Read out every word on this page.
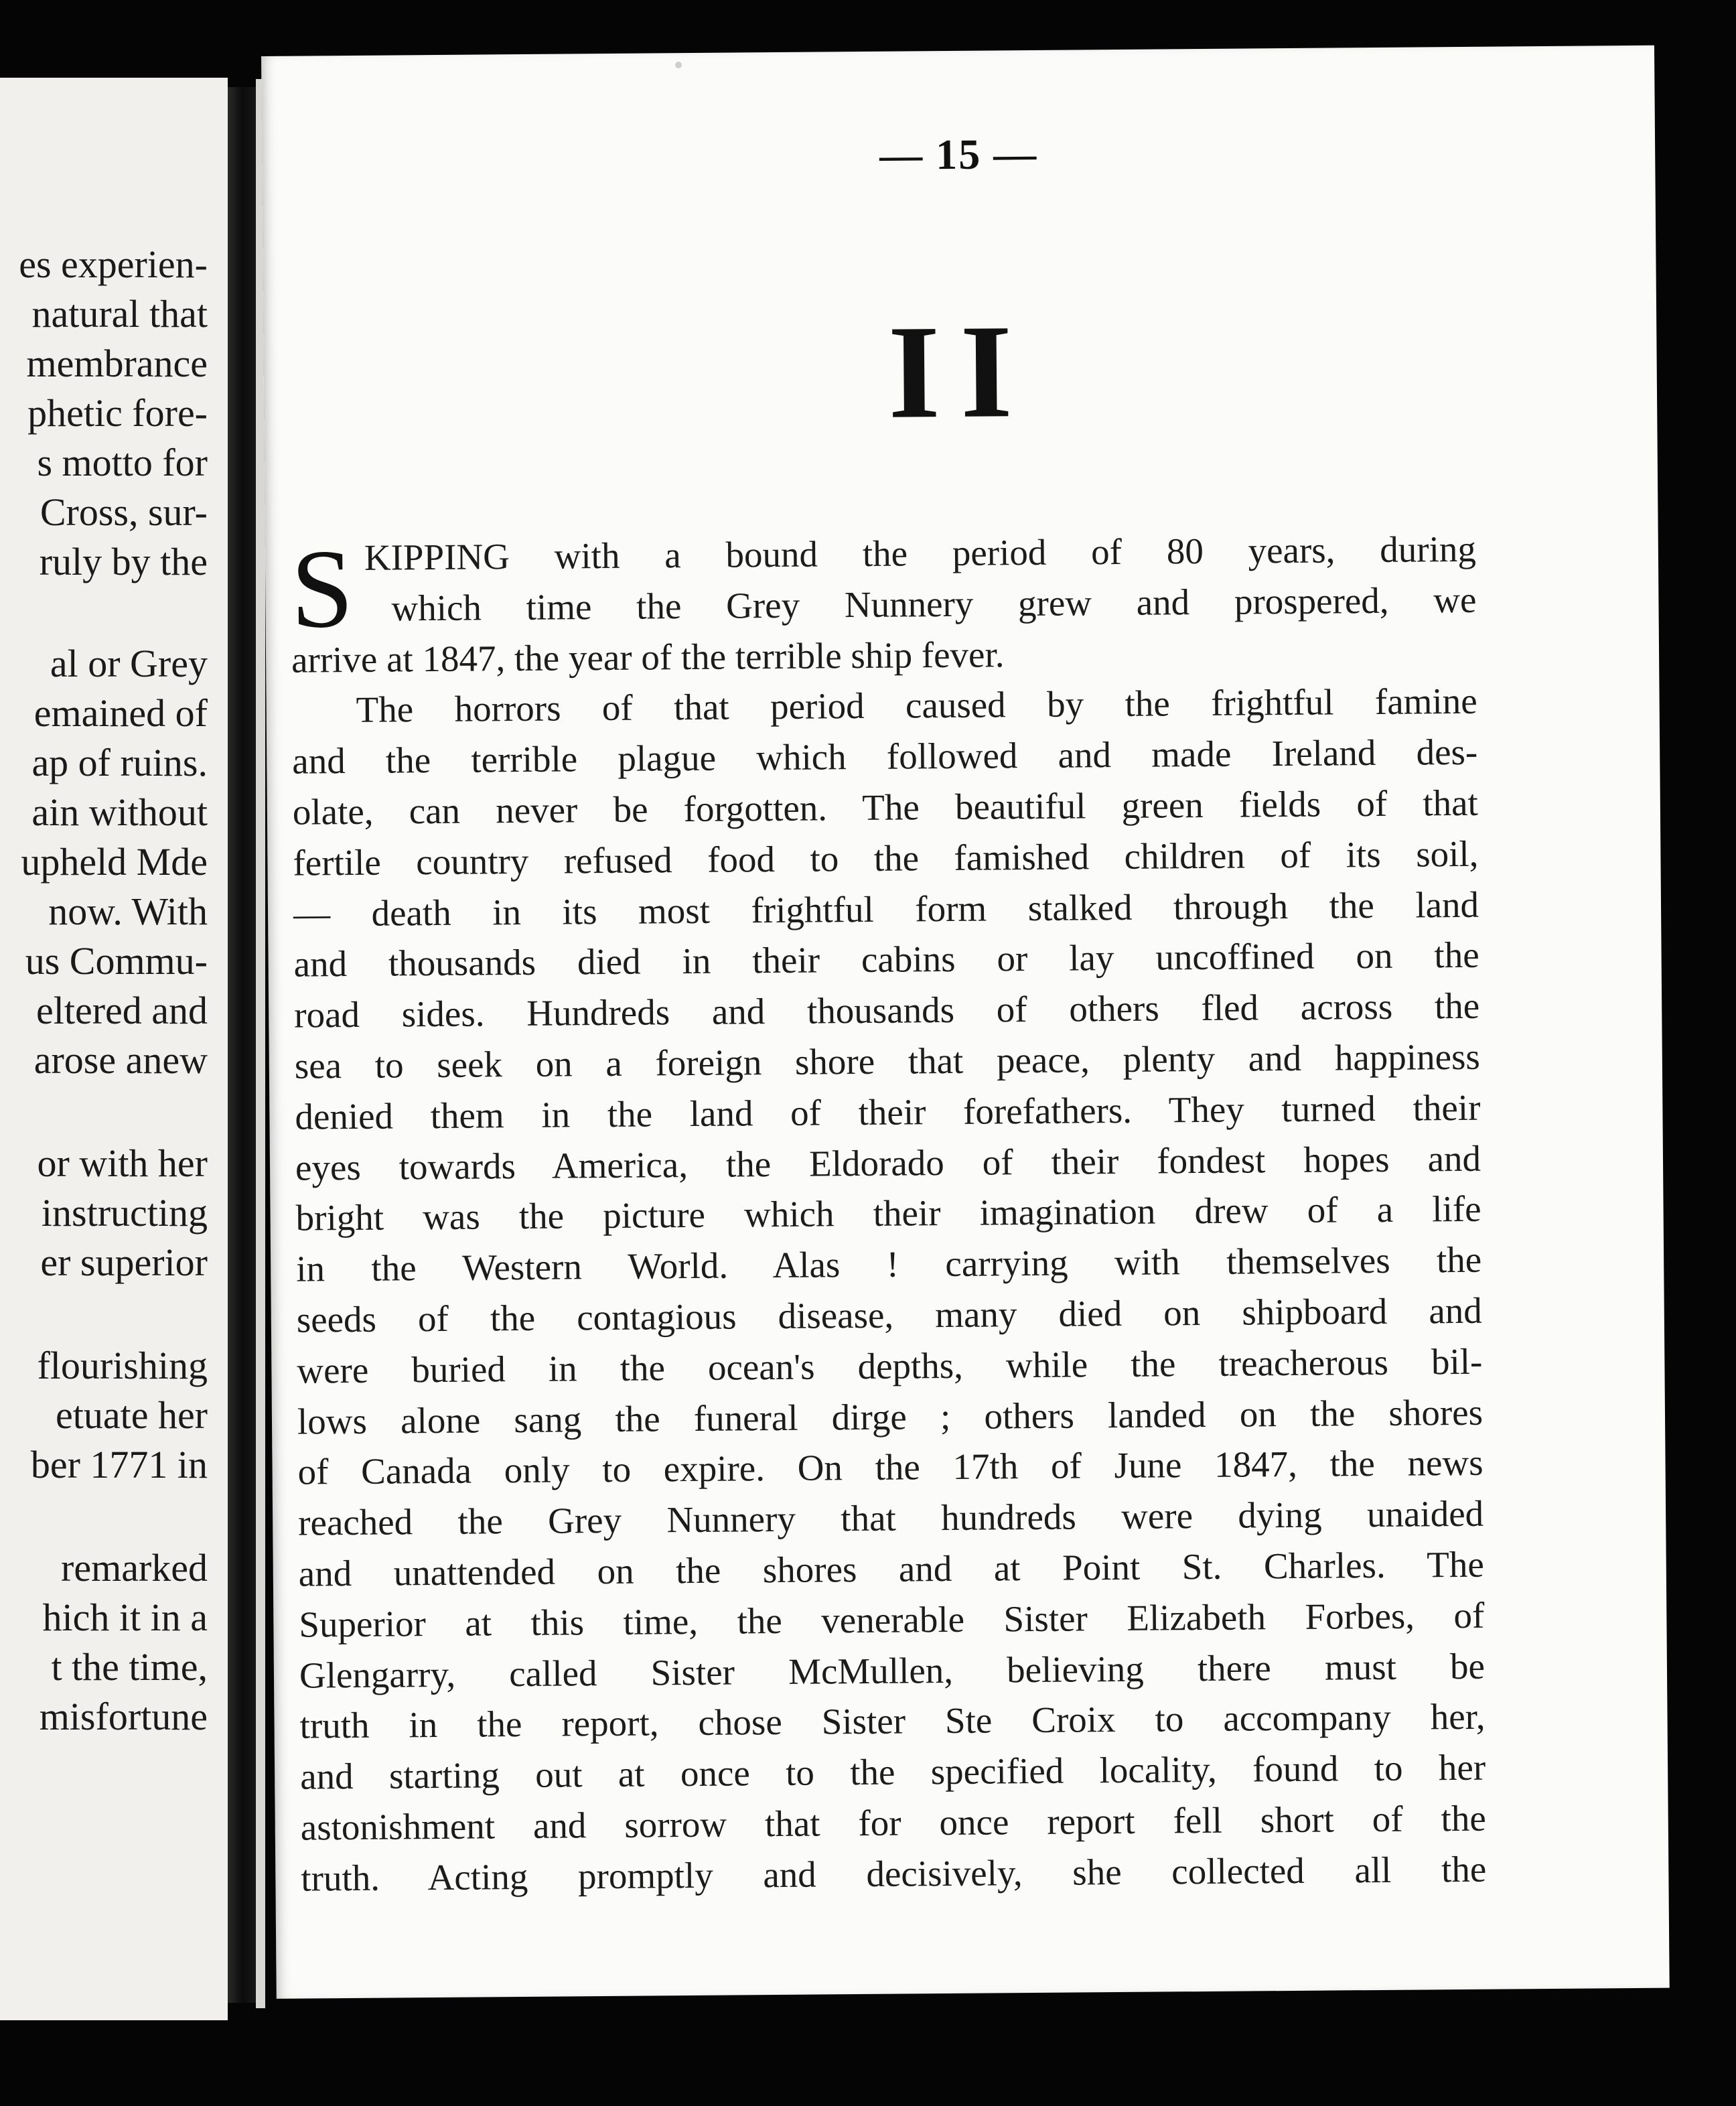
es experien-

natural that

membrance

phetic fore-

s motto for

Cross, sur-

ruly by the

al or Grey

emained of

ap of ruins.

ain without

upheld Mde

now. With

us Commu-

eltered and

arose anew

or with her

instructing

er superior

flourishing

etuate her

ber 1771 in

remarked

hich it in a

t the time,

misfortune

— 15 —

II
S KIPPING with a bound the period of 80 years, during
which time the Grey Nunnery grew and prospered, we
arrive at 1847, the year of the terrible ship fever.
The horrors of that period caused by the frightful famine
and the terrible plague which followed and made Ireland des-
olate, can never be forgotten. The beautiful green fields of that
fertile country refused food to the famished children of its soil,
— death in its most frightful form stalked through the land
and thousands died in their cabins or lay uncoffined on the
road sides. Hundreds and thousands of others fled across the
sea to seek on a foreign shore that peace, plenty and happiness
denied them in the land of their forefathers. They turned their
eyes towards America, the Eldorado of their fondest hopes and
bright was the picture which their imagination drew of a life
in the Western World. Alas ! carrying with themselves the
seeds of the contagious disease, many died on shipboard and
were buried in the ocean's depths, while the treacherous bil-
lows alone sang the funeral dirge ; others landed on the shores
of Canada only to expire. On the 17th of June 1847, the news
reached the Grey Nunnery that hundreds were dying unaided
and unattended on the shores and at Point St. Charles. The
Superior at this time, the venerable Sister Elizabeth Forbes, of
Glengarry, called Sister McMullen, believing there must be
truth in the report, chose Sister Ste Croix to accompany her,
and starting out at once to the specified locality, found to her
astonishment and sorrow that for once report fell short of the
truth. Acting promptly and decisively, she collected all the
